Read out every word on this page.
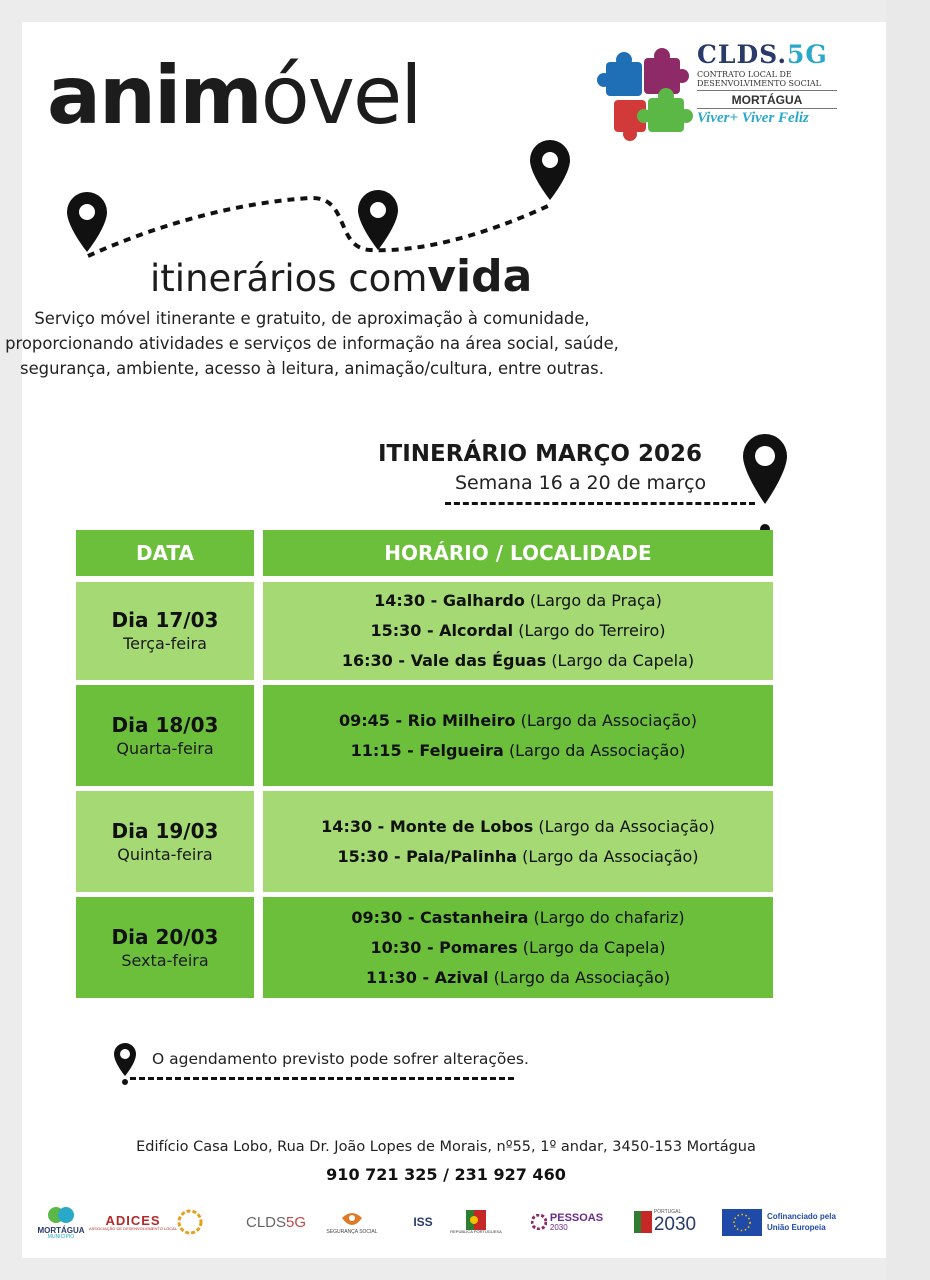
animóvel
itinerários comvida
Serviço móvel itinerante e gratuito, de aproximação à comunidade, proporcionando atividades e serviços de informação na área social, saúde, segurança, ambiente, acesso à leitura, animação/cultura, entre outras.
CLDS.5G
CONTRATO LOCAL DE
DESENVOLVIMENTO SOCIAL
MORTÁGUA
Viver+ Viver Feliz
ITINERÁRIO MARÇO 2026
Semana 16 a 20 de março
DATA	HORÁRIO / LOCALIDADE
Dia 17/03
Terça-feira
14:30 - Galhardo (Largo da Praça)
15:30 - Alcordal (Largo do Terreiro)
16:30 - Vale das Éguas (Largo da Capela)
Dia 18/03
Quarta-feira
09:45 - Rio Milheiro (Largo da Associação)
11:15 - Felgueira (Largo da Associação)
Dia 19/03
Quinta-feira
14:30 - Monte de Lobos (Largo da Associação)
15:30 - Pala/Palinha (Largo da Associação)
Dia 20/03
Sexta-feira
09:30 - Castanheira (Largo do chafariz)
10:30 - Pomares (Largo da Capela)
11:30 - Azival (Largo da Associação)
O agendamento previsto pode sofrer alterações.
Edifício Casa Lobo, Rua Dr. João Lopes de Morais, nº55, 1º andar, 3450-153 Mortágua
910 721 325 / 231 927 460
MORTÁGUA
MUNICÍPIO
ADICES
ASSOCIAÇÃO DE DESENVOLVIMENTO LOCAL	CLDS5G
SEGURANÇA SOCIAL
ISS
REPÚBLICA PORTUGUESA
PESSOAS
2030
PORTUGAL
2030	Cofinanciado pela União Europeia
